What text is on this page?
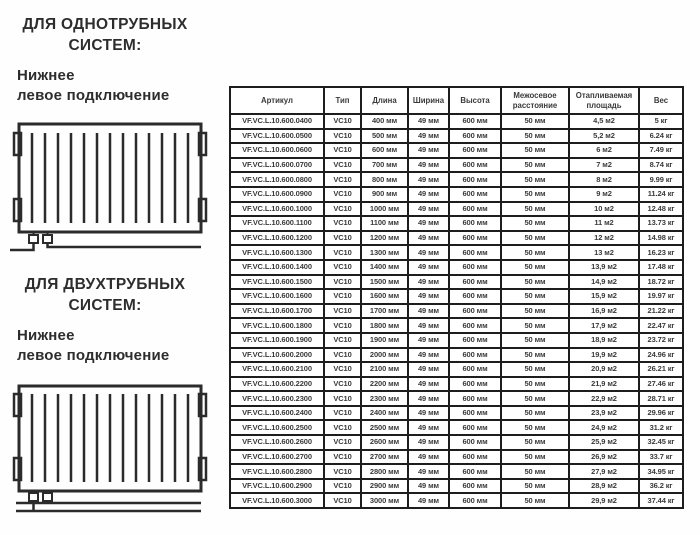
ДЛЯ ОДНОТРУБНЫХ
СИСТЕМ:
Нижнее
левое подключение
ДЛЯ ДВУХТРУБНЫХ
СИСТЕМ:
Нижнее
левое подключение
Артикул	Тип	Длина	Ширина	Высота	Межосевое расстояние	Отапливаемая площадь	Вес
VF.VC.L.10.600.0400	VC10	400 мм	49 мм	600 мм	50 мм	4,5 м2	5 кг
VF.VC.L.10.600.0500	VC10	500 мм	49 мм	600 мм	50 мм	5,2 м2	6.24 кг
VF.VC.L.10.600.0600	VC10	600 мм	49 мм	600 мм	50 мм	6 м2	7.49 кг
VF.VC.L.10.600.0700	VC10	700 мм	49 мм	600 мм	50 мм	7 м2	8.74 кг
VF.VC.L.10.600.0800	VC10	800 мм	49 мм	600 мм	50 мм	8 м2	9.99 кг
VF.VC.L.10.600.0900	VC10	900 мм	49 мм	600 мм	50 мм	9 м2	11.24 кг
VF.VC.L.10.600.1000	VC10	1000 мм	49 мм	600 мм	50 мм	10 м2	12.48 кг
VF.VC.L.10.600.1100	VC10	1100 мм	49 мм	600 мм	50 мм	11 м2	13.73 кг
VF.VC.L.10.600.1200	VC10	1200 мм	49 мм	600 мм	50 мм	12 м2	14.98 кг
VF.VC.L.10.600.1300	VC10	1300 мм	49 мм	600 мм	50 мм	13 м2	16.23 кг
VF.VC.L.10.600.1400	VC10	1400 мм	49 мм	600 мм	50 мм	13,9 м2	17.48 кг
VF.VC.L.10.600.1500	VC10	1500 мм	49 мм	600 мм	50 мм	14,9 м2	18.72 кг
VF.VC.L.10.600.1600	VC10	1600 мм	49 мм	600 мм	50 мм	15,9 м2	19.97 кг
VF.VC.L.10.600.1700	VC10	1700 мм	49 мм	600 мм	50 мм	16,9 м2	21.22 кг
VF.VC.L.10.600.1800	VC10	1800 мм	49 мм	600 мм	50 мм	17,9 м2	22.47 кг
VF.VC.L.10.600.1900	VC10	1900 мм	49 мм	600 мм	50 мм	18,9 м2	23.72 кг
VF.VC.L.10.600.2000	VC10	2000 мм	49 мм	600 мм	50 мм	19,9 м2	24.96 кг
VF.VC.L.10.600.2100	VC10	2100 мм	49 мм	600 мм	50 мм	20,9 м2	26.21 кг
VF.VC.L.10.600.2200	VC10	2200 мм	49 мм	600 мм	50 мм	21,9 м2	27.46 кг
VF.VC.L.10.600.2300	VC10	2300 мм	49 мм	600 мм	50 мм	22,9 м2	28.71 кг
VF.VC.L.10.600.2400	VC10	2400 мм	49 мм	600 мм	50 мм	23,9 м2	29.96 кг
VF.VC.L.10.600.2500	VC10	2500 мм	49 мм	600 мм	50 мм	24,9 м2	31.2 кг
VF.VC.L.10.600.2600	VC10	2600 мм	49 мм	600 мм	50 мм	25,9 м2	32.45 кг
VF.VC.L.10.600.2700	VC10	2700 мм	49 мм	600 мм	50 мм	26,9 м2	33.7 кг
VF.VC.L.10.600.2800	VC10	2800 мм	49 мм	600 мм	50 мм	27,9 м2	34.95 кг
VF.VC.L.10.600.2900	VC10	2900 мм	49 мм	600 мм	50 мм	28,9 м2	36.2 кг
VF.VC.L.10.600.3000	VC10	3000 мм	49 мм	600 мм	50 мм	29,9 м2	37.44 кг
